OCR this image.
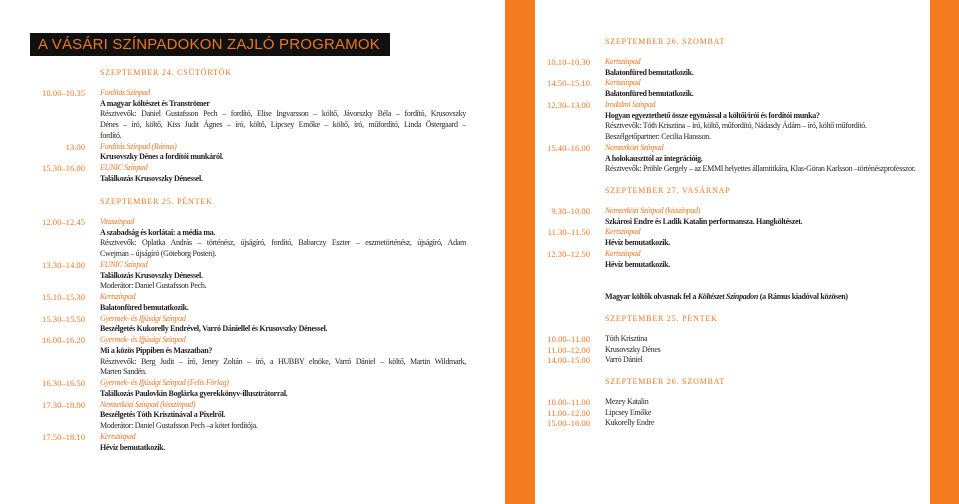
A VÁSÁRI SZÍNPADOKON ZAJLÓ PROGRAMOK
SZEPTEMBER 24. CSÜTÖRTÖK
10.00–10.35 Fordítás Színpad
A magyar költészet és Tranströmer
Résztvevők: Daniel Gustafsson Pech – fordító, Elise Ingvarsson – költő, Jávorszky Béla – fordító, Krusovszky
Dénes – író, költő, Kiss Judit Ágnes – író, költő, Lipcsey Emőke – költő, író, műfordító, Linda Östergaard –
fordító.
13.00 Fordítás Színpad (Rámus)
Krusovszky Dénes a fordítói munkáról.
15.30–16.00 EUNIC Színpad
Találkozás Krusovszky Dénessel.
SZEPTEMBER 25. PÉNTEK
12.00–12.45 Vitaszínpad
A szabadság és korlátai: a média ma.
Résztvevők: Oplatka András – történész, újságíró, fordító, Babarczy Eszter – eszmetörténész, újságíró, Adam
Cwejman – újságíró (Göteborg Posten).
13.30–14.00 EUNIC Színpad
Találkozás Krusovszky Dénessel.
Moderátor: Daniel Gustafsson Pech.
15.10–15.30 Kertszínpad
Balatonfüred bemutatkozik.
15.30–15.50 Gyermek- és Ifjúsági Színpad
Beszélgetés Kukorelly Endrével, Varró Dániellel és Krusovszky Dénessel.
16.00–16.20 Gyermek- és Ifjúsági Színpad
Mi a közös Pippiben és Maszatban?
Résztvevők: Berg Judit – író, Jeney Zoltán – író, a HUBBY elnöke, Varró Dániel – költő, Martin Wildmark,
Marten Sandén.
16.30–16.50 Gyermek- és Ifjúsági Színpad (Felis Förlag)
Találkozás Paulovkin Boglárka gyerekkönyv-illusztrátorral.
17.30–18.00 Nemzetközi Színpad (kisszínpad)
Beszélgetés Tóth Krisztinával a Pixelről.
Moderátor: Daniel Gustafsson Pech –a kötet fordítója.
17.50–18.10 Kertszínpad
Hévíz bemutatkozik.
SZEPTEMBER 26. SZOMBAT
10.10–10.30 Kertszínpad
Balatonfüred bemutatkozik.
14.50–15.10 Kertszínpad
Balatonfüred bemutatkozik.
12.30–13.00 Irodalmi Színpad
Hogyan egyeztethető össze egymással a költői/írói és fordítói munka?
Résztvevők: Tóth Krisztina – író, költő, műfordító, Nádasdy Ádám – író, költő műfordító.
Beszélgetőpartner: Cecilia Hansson.
15.40–16.00 Nemzetközi Színpad
A holokauszttól az integrációig.
Résztvevők: Pröhle Gergely – az EMMI helyettes államtitkára, Klas-Göran Karlsson –történészprofesszor.
SZEPTEMBER 27. VASÁRNAP
9.30–10.00 Nemzetközi Színpad (kisszínpad)
Szkárosi Endre és Ladik Katalin performansza. Hangköltészet.
11.30–11.50 Kertszínpad
Hévíz bemutatkozik.
12.30–12.50 Kertszínpad
Hévíz bemutatkozik.
Magyar költők olvasnak fel a Költészet Színpadon (a Rámus kiadóval közösen)
SZEPTEMBER 25. PÉNTEK
10.00–11.00 Tóth Krisztina
11.00–12.00 Krusovszky Dénes
14.00–15.00 Varró Dániel
SZEPTEMBER 26. SZOMBAT
10.00–11.00 Mezey Katalin
11.00–12.00 Lipcsey Emőke
15.00–16.00 Kukorelly Endre
